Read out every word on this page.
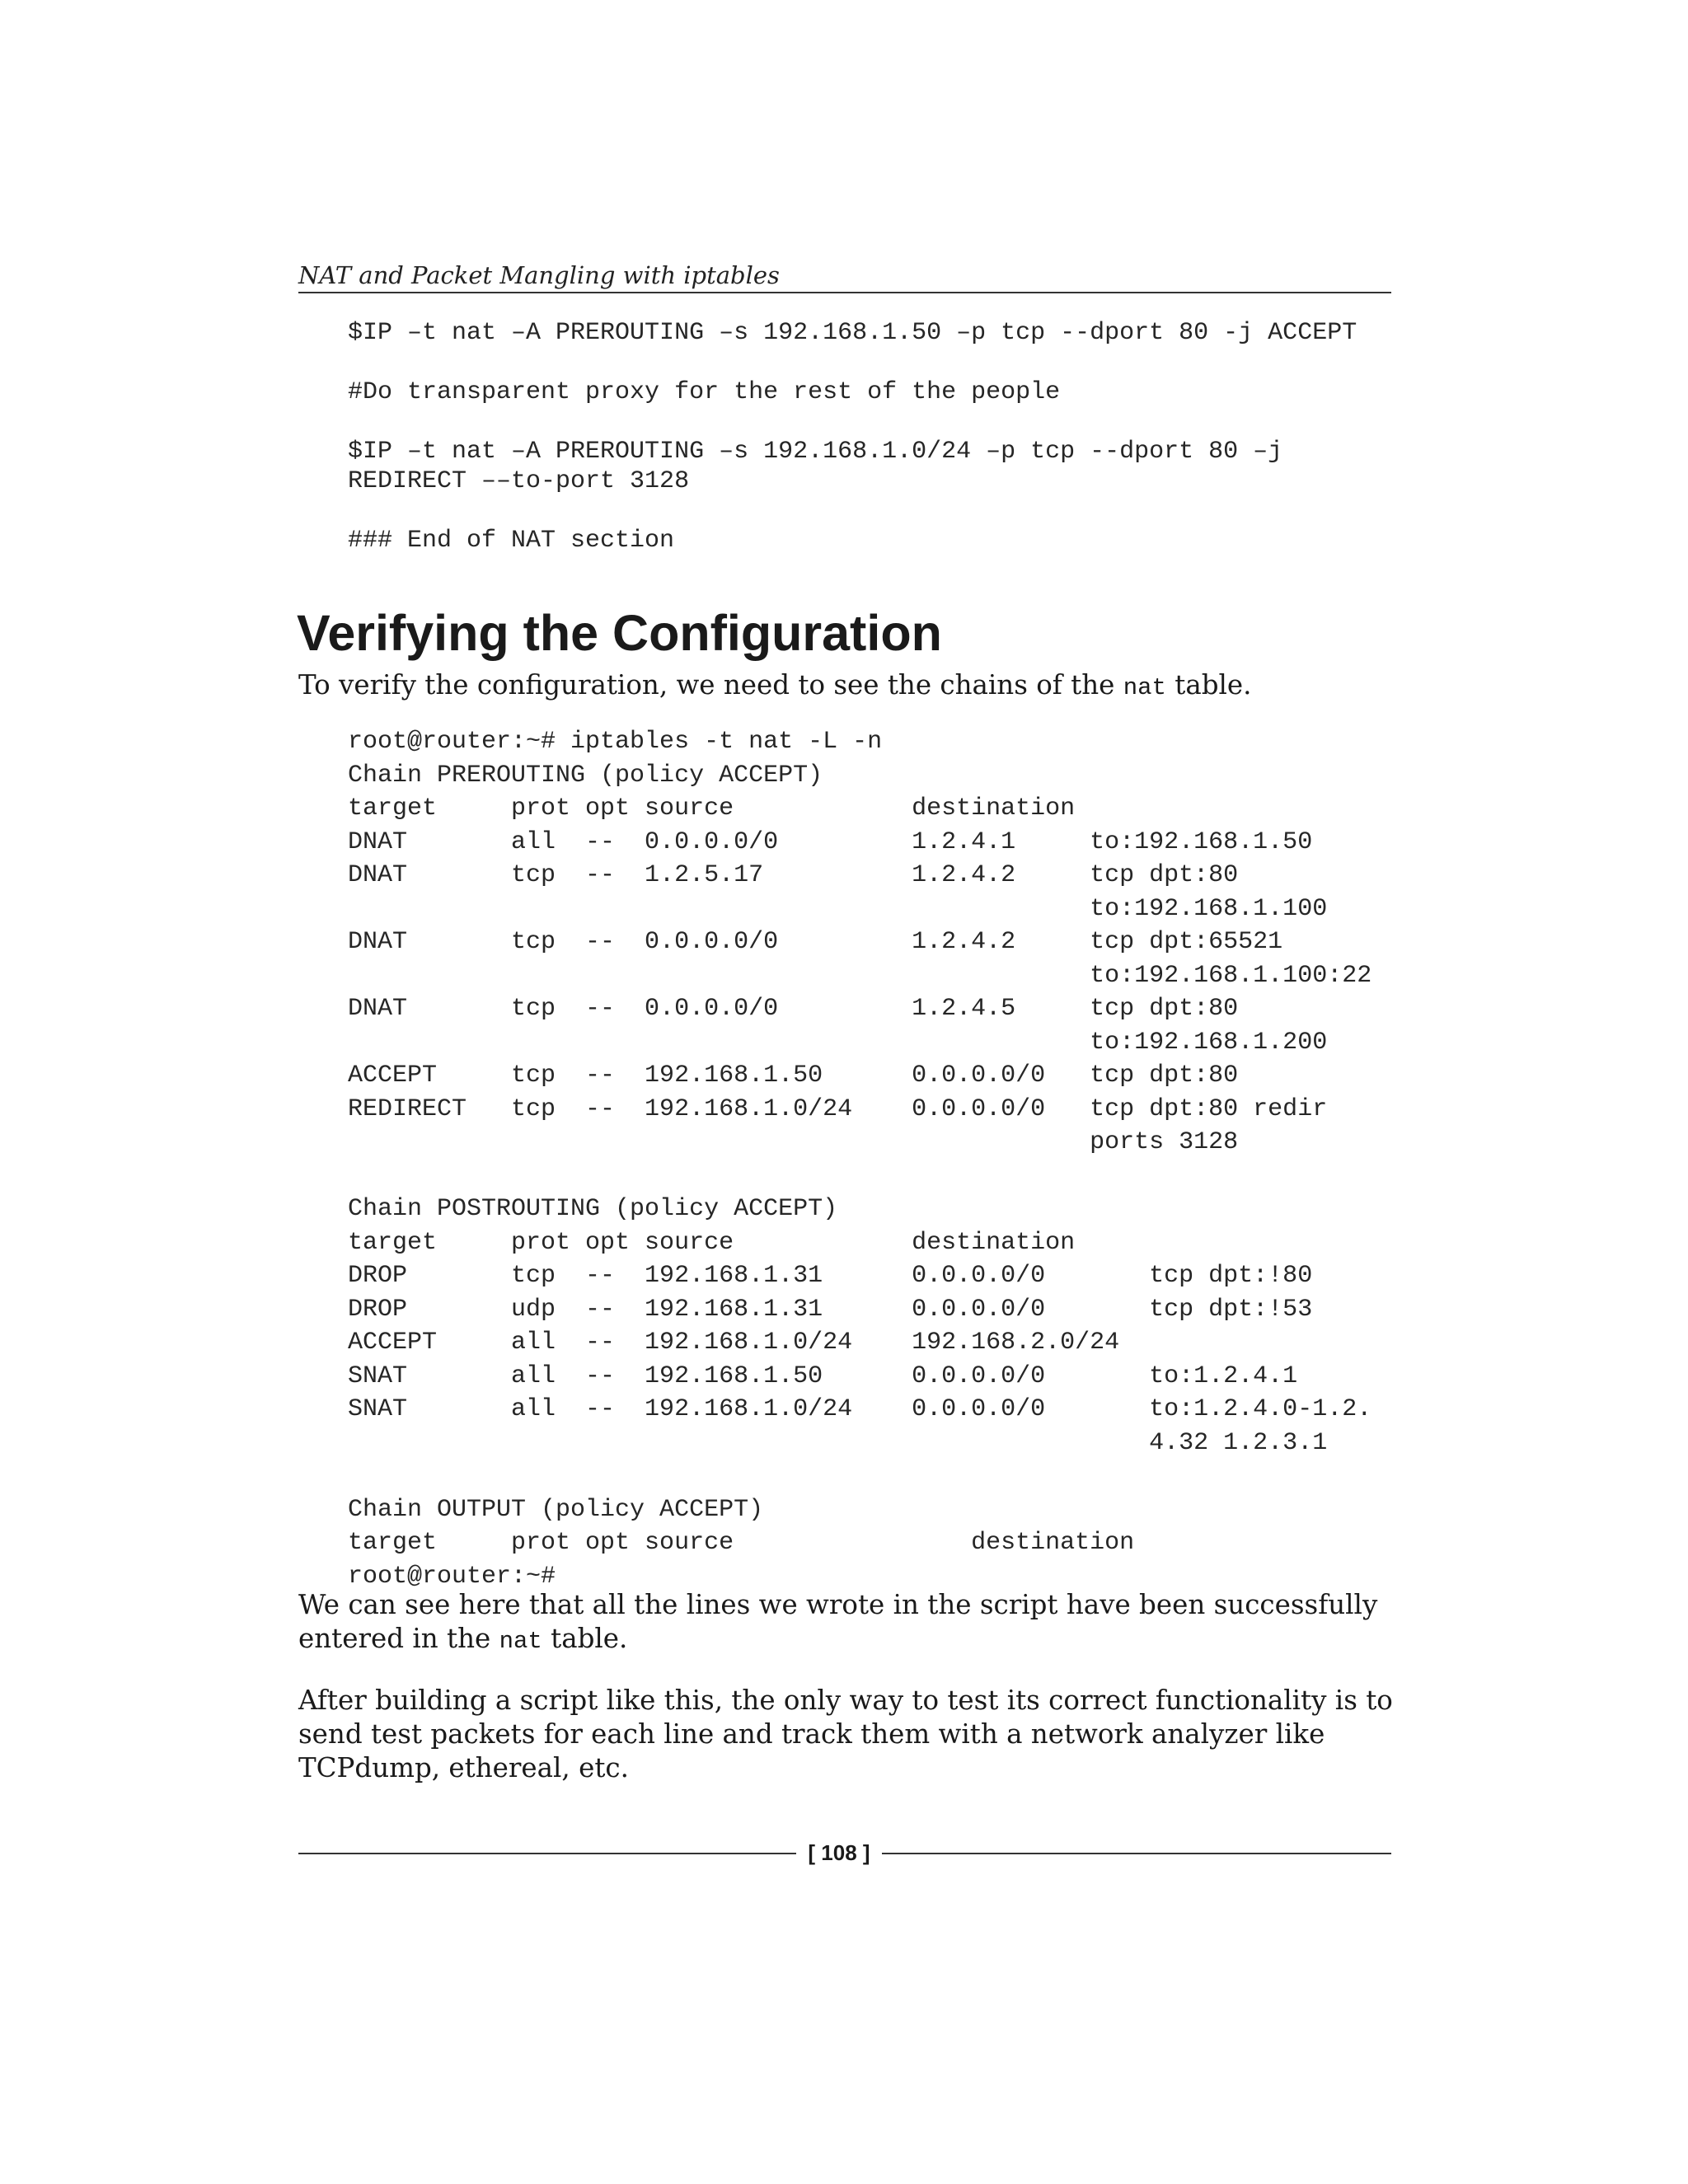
NAT and Packet Mangling with iptables
$IP –t nat –A PREROUTING –s 192.168.1.50 –p tcp --dport 80 -j ACCEPT

#Do transparent proxy for the rest of the people

$IP –t nat –A PREROUTING –s 192.168.1.0/24 –p tcp --dport 80 –j
REDIRECT ––to-port 3128

### End of NAT section
Verifying the Configuration

To verify the configuration, we need to see the chains of the nat table.

root@router:~# iptables -t nat -L -n
Chain PREROUTING (policy ACCEPT)
target     prot opt source            destination
DNAT       all  --  0.0.0.0/0         1.2.4.1     to:192.168.1.50
DNAT       tcp  --  1.2.5.17          1.2.4.2     tcp dpt:80
to:192.168.1.100
DNAT       tcp  --  0.0.0.0/0         1.2.4.2     tcp dpt:65521
to:192.168.1.100:22
DNAT       tcp  --  0.0.0.0/0         1.2.4.5     tcp dpt:80
to:192.168.1.200
ACCEPT     tcp  --  192.168.1.50      0.0.0.0/0   tcp dpt:80
REDIRECT   tcp  --  192.168.1.0/24    0.0.0.0/0   tcp dpt:80 redir
ports 3128

Chain POSTROUTING (policy ACCEPT)
target     prot opt source            destination
DROP       tcp  --  192.168.1.31      0.0.0.0/0       tcp dpt:!80
DROP       udp  --  192.168.1.31      0.0.0.0/0       tcp dpt:!53
ACCEPT     all  --  192.168.1.0/24    192.168.2.0/24
SNAT       all  --  192.168.1.50      0.0.0.0/0       to:1.2.4.1
SNAT       all  --  192.168.1.0/24    0.0.0.0/0       to:1.2.4.0-1.2.
4.32 1.2.3.1

Chain OUTPUT (policy ACCEPT)
target     prot opt source                destination
root@router:~#

We can see here that all the lines we wrote in the script have been successfully entered in the nat table.

After building a script like this, the only way to test its correct functionality is to send test packets for each line and track them with a network analyzer like TCPdump, ethereal, etc.

[ 108 ]
